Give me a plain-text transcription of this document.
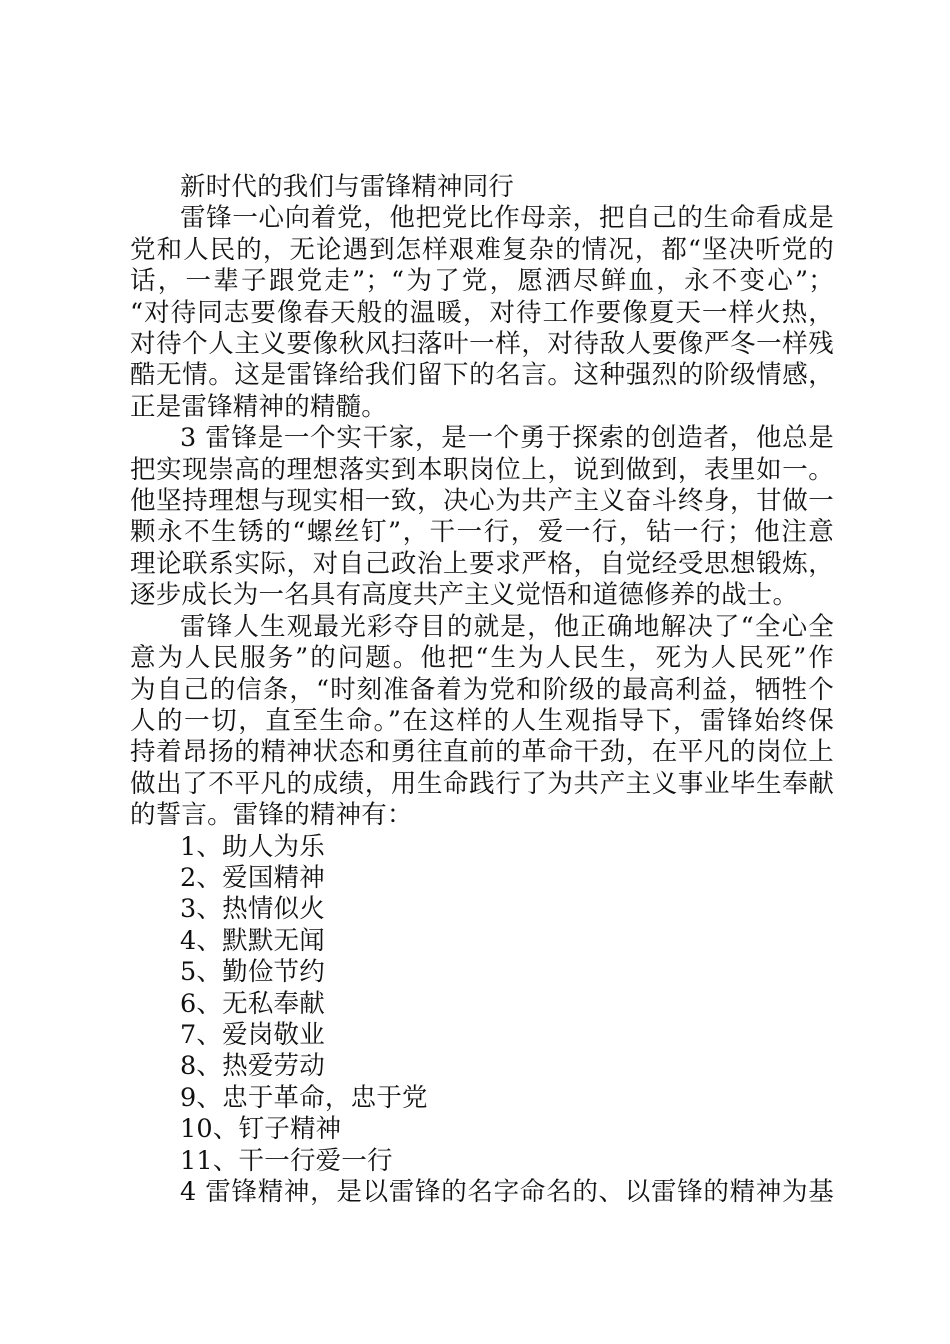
新时代的我们与雷锋精神同行

雷锋一心向着党，他把党比作母亲，把自己的生命看成是

党和人民的，无论遇到怎样艰难复杂的情况，都“坚决听党的

话，一辈子跟党走”；“为了党，愿洒尽鲜血，永不变心”；

“对待同志要像春天般的温暖，对待工作要像夏天一样火热，

对待个人主义要像秋风扫落叶一样，对待敌人要像严冬一样残

酷无情。这是雷锋给我们留下的名言。这种强烈的阶级情感，

正是雷锋精神的精髓。

3 雷锋是一个实干家，是一个勇于探索的创造者，他总是

把实现崇高的理想落实到本职岗位上，说到做到，表里如一。

他坚持理想与现实相一致，决心为共产主义奋斗终身，甘做一

颗永不生锈的“螺丝钉”，干一行，爱一行，钻一行；他注意

理论联系实际，对自己政治上要求严格，自觉经受思想锻炼，

逐步成长为一名具有高度共产主义觉悟和道德修养的战士。

雷锋人生观最光彩夺目的就是，他正确地解决了“全心全

意为人民服务”的问题。他把“生为人民生，死为人民死”作

为自己的信条，“时刻准备着为党和阶级的最高利益，牺牲个

人的一切，直至生命。”在这样的人生观指导下，雷锋始终保

持着昂扬的精神状态和勇往直前的革命干劲，在平凡的岗位上

做出了不平凡的成绩，用生命践行了为共产主义事业毕生奉献

的誓言。雷锋的精神有：

1、助人为乐

2、爱国精神

3、热情似火

4、默默无闻

5、勤俭节约

6、无私奉献

7、爱岗敬业

8、热爱劳动

9、忠于革命，忠于党

10、钉子精神

11、干一行爱一行

4 雷锋精神，是以雷锋的名字命名的、以雷锋的精神为基
